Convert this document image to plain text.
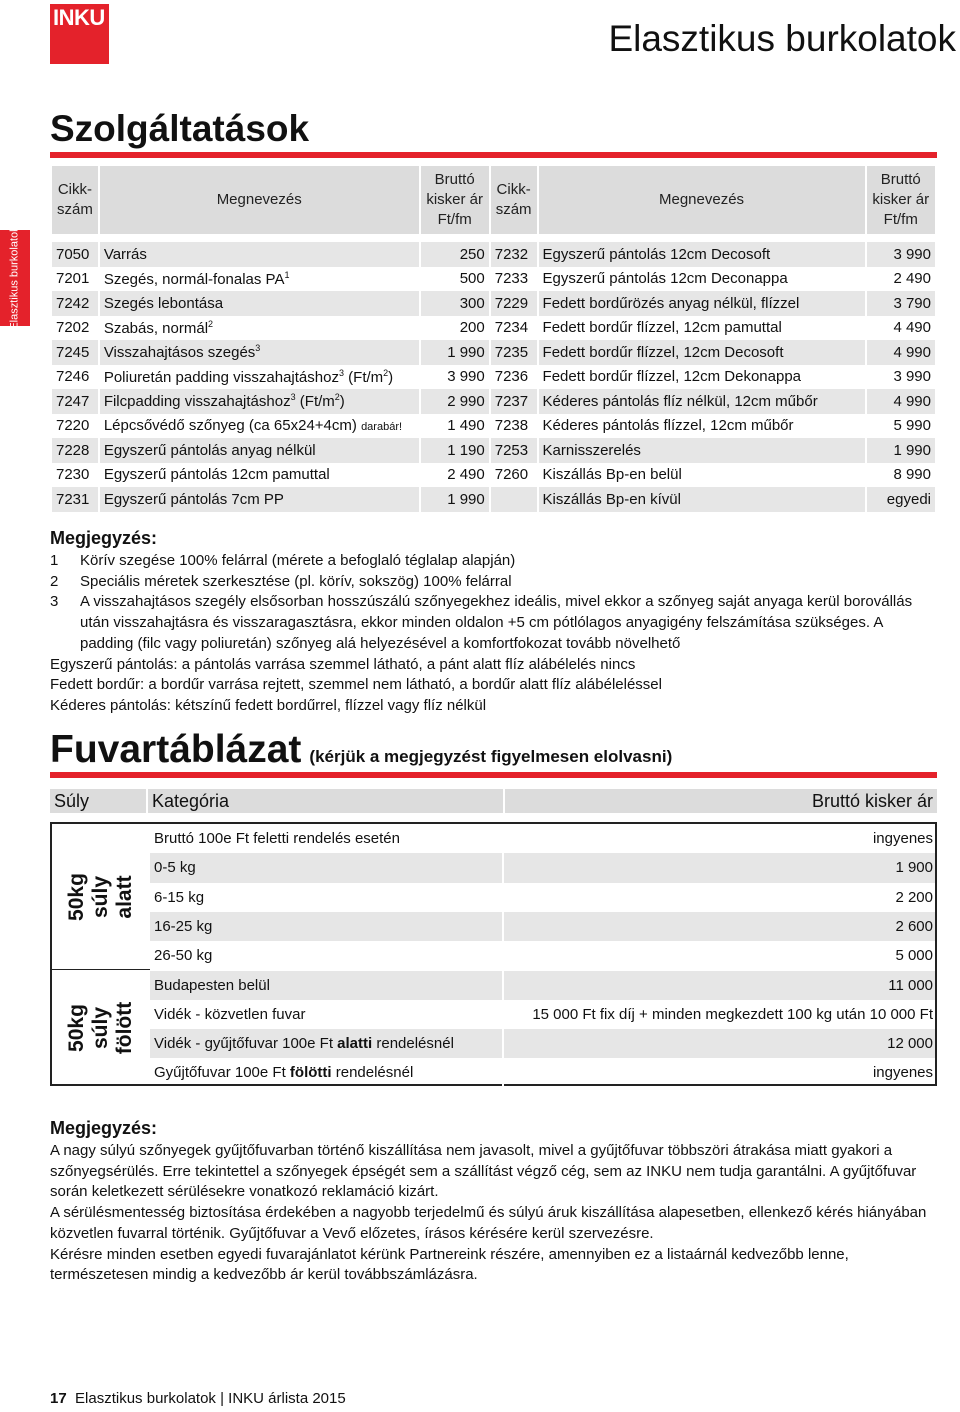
INKU
Elasztikus burkolatok
Elasztikus burkolatok
Szolgáltatások
Cikk-szám	Megnevezés	Bruttó kisker ár Ft/fm	Cikk-szám	Megnevezés	Bruttó kisker ár Ft/fm

7050	Varrás	250	7232	Egyszerű pántolás 12cm Decosoft	3 990
7201	Szegés, normál-fonalas $PA^1$	500	7233	Egyszerű pántolás 12cm Deconappa	2 490
7242	Szegés lebontása	300	7229	Fedett bordűrözés anyag nélkül, flízzel	3 790
7202	Szabás, normál$^2$	200	7234	Fedett bordűr flízzel, 12cm pamuttal	4 490
7245	Visszahajtásos szegés$^3$	1 990	7235	Fedett bordűr flízzel, 12cm Decosoft	4 990
7246	Poliuretán padding visszahajtáshoz$^3$ $(Ft/m^2)$	3 990	7236	Fedett bordűr flízzel, 12cm Dekonappa	3 990
7247	Filcpadding visszahajtáshoz$^3$ $(Ft/m^2)$	2 990	7237	Kéderes pántolás flíz nélkül, 12cm műbőr	4 990
7220	Lépcsővédő szőnyeg (ca 65x24+4cm) darabár!	1 490	7238	Kéderes pántolás flízzel, 12cm műbőr	5 990
7228	Egyszerű pántolás anyag nélkül	1 190	7253	Karnisszerelés	1 990
7230	Egyszerű pántolás 12cm pamuttal	2 490	7260	Kiszállás Bp-en belül	8 990
7231	Egyszerű pántolás 7cm PP	1 990		Kiszállás Bp-en kívül	egyedi
Megjegyzés:
1	Körív szegése 100% felárral (mérete a befoglaló téglalap alapján)
2	Speciális méretek szerkesztése (pl. körív, sokszög) 100% felárral
3	A visszahajtásos szegély elsősorban hosszúszálú szőnyegekhez ideális, mivel ekkor a szőnyeg saját anyaga kerül borovállás után visszahajtásra és visszaragasztásra, ekkor minden oldalon +5 cm pótlólagos anyagigény felszámítása szükséges. A padding (filc vagy poliuretán) szőnyeg alá helyezésével a komfortfokozat tovább növelhető
Egyszerű pántolás: a pántolás varrása szemmel látható, a pánt alatt flíz alábélelés nincs
Fedett bordűr: a bordűr varrása rejtett, szemmel nem látható, a bordűr alatt flíz alábéleléssel
Kéderes pántolás: kétszínű fedett bordűrrel, flízzel vagy flíz nélkül
Fuvartáblázat (kérjük a megjegyzést figyelmesen elolvasni)
Súly	Kategória	Bruttó kisker ár
50kg súly alatt
50kg súly fölött
Bruttó 100e Ft feletti rendelés esetén	ingyenes
0-5 kg	1 900
6-15 kg	2 200
16-25 kg	2 600
26-50 kg	5 000
Budapesten belül	11 000
Vidék - közvetlen fuvar	15 000 Ft fix díj + minden megkezdett 100 kg után 10 000 Ft
Vidék - gyűjtőfuvar 100e Ft alatti rendelésnél	12 000
Gyűjtőfuvar 100e Ft fölötti rendelésnél	ingyenes
Megjegyzés:
A nagy súlyú szőnyegek gyűjtőfuvarban történő kiszállítása nem javasolt, mivel a gyűjtőfuvar többszöri átrakása miatt gyakori a szőnyegsérülés. Erre tekintettel a szőnyegek épségét sem a szállítást végző cég, sem az INKU nem tudja garantálni. A gyűjtőfuvar során keletkezett sérülésekre vonatkozó reklamáció kizárt.
A sérülésmentesség biztosítása érdekében a nagyobb terjedelmű és súlyú áruk kiszállítása alapesetben, ellenkező kérés hiányában közvetlen fuvarral történik. Gyűjtőfuvar a Vevő előzetes, írásos kérésére kerül szervezésre.
Kérésre minden esetben egyedi fuvarajánlatot kérünk Partnereink részére, amennyiben ez a listaárnál kedvezőbb lenne, természetesen mindig a kedvezőbb ár kerül továbbszámlázásra.
17 Elasztikus burkolatok | INKU árlista 2015
